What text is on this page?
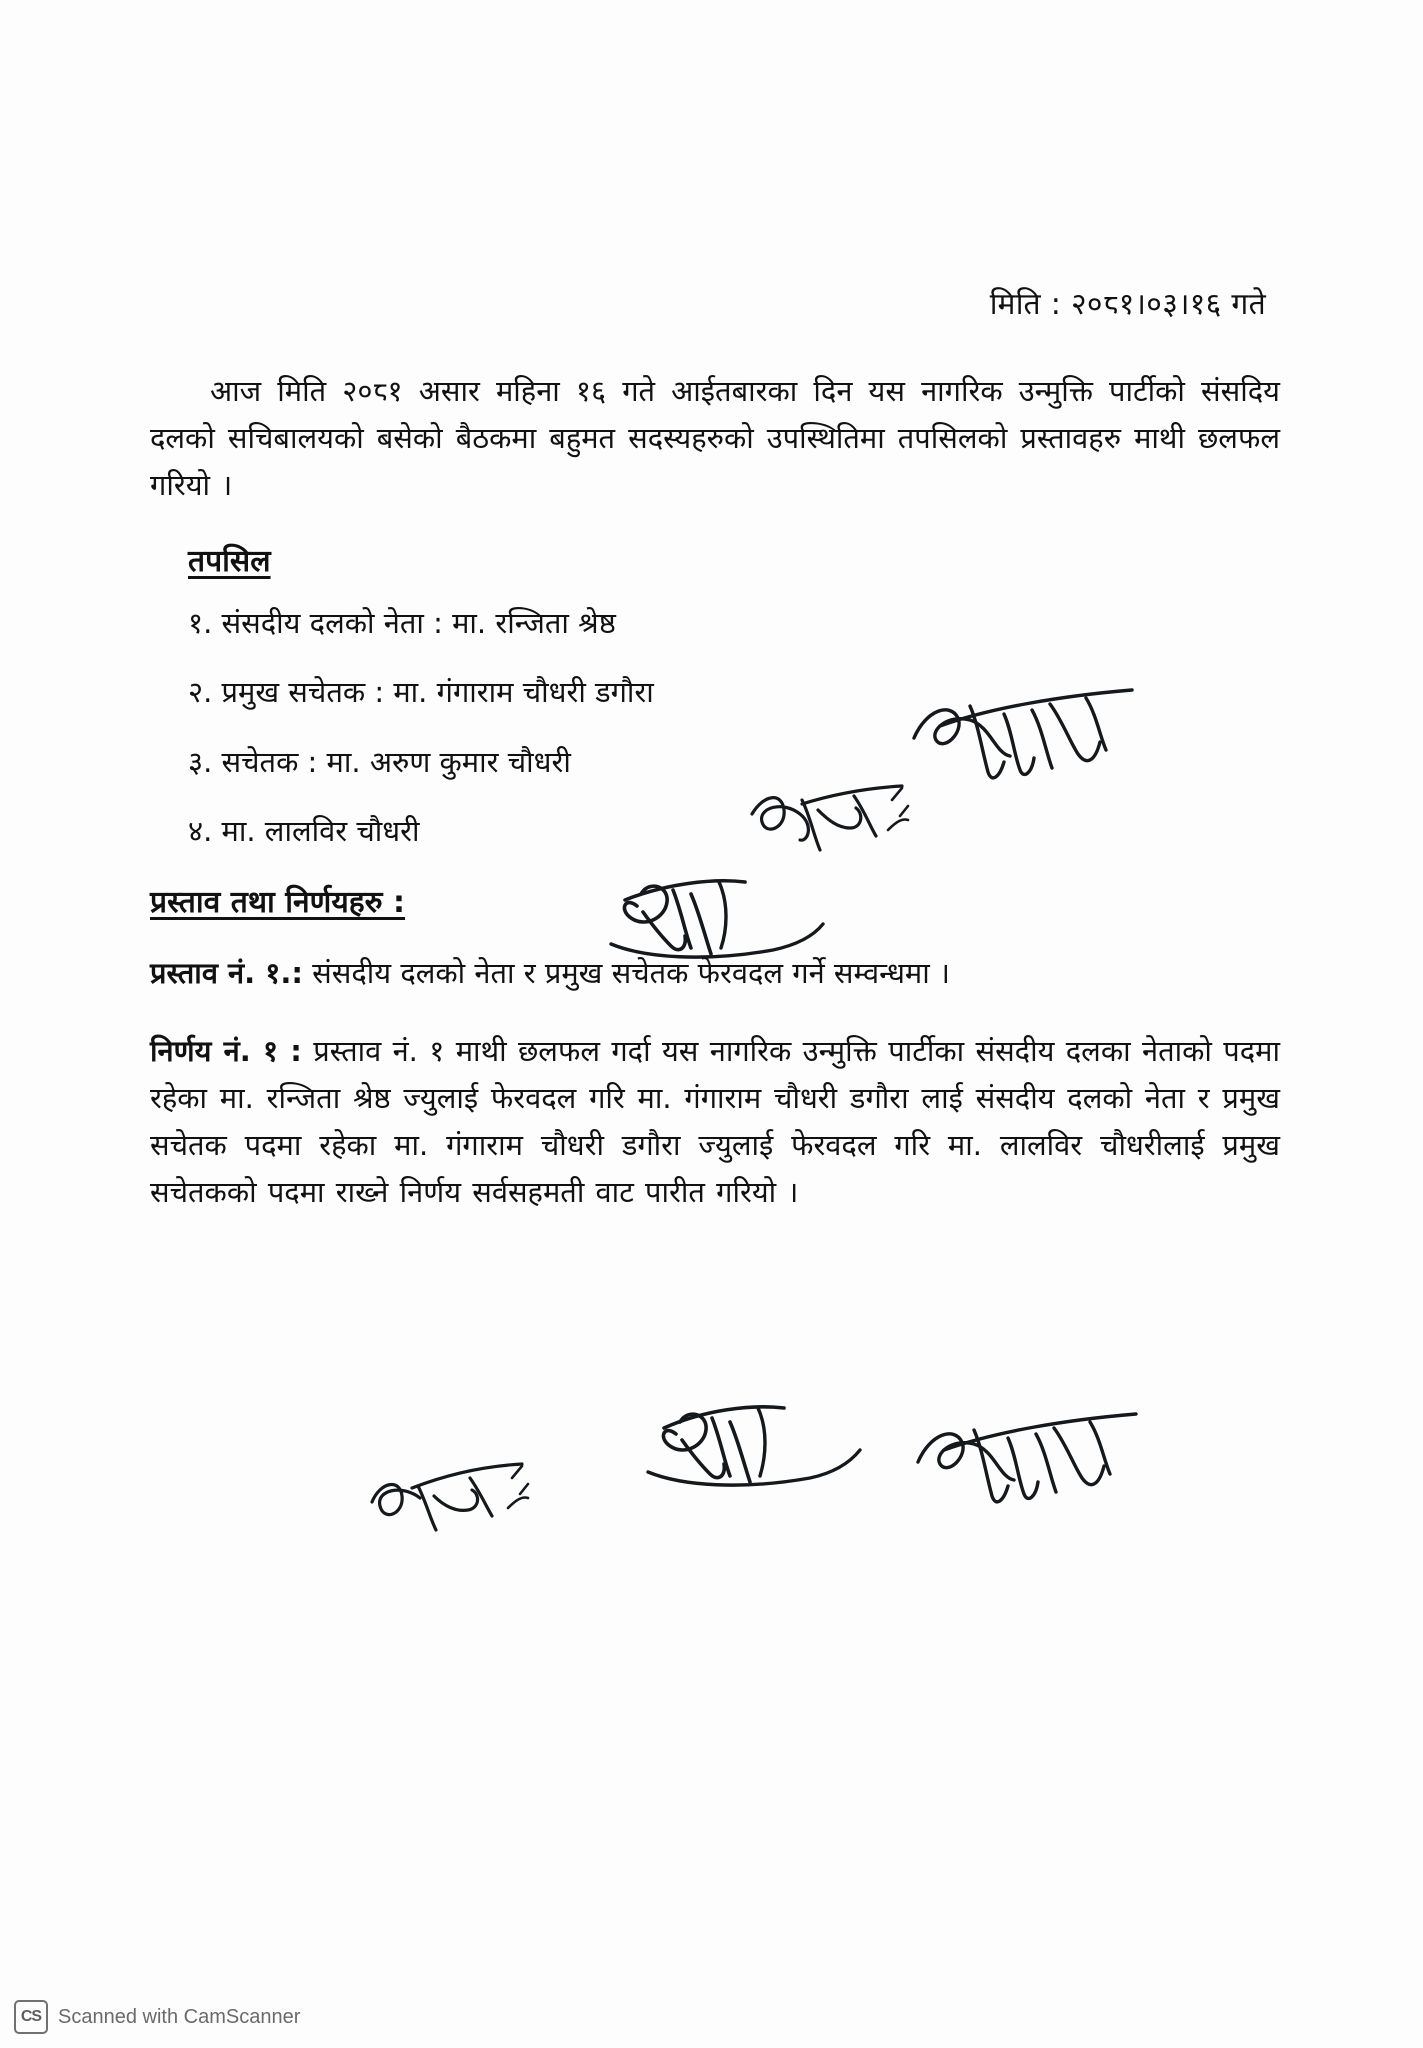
मिति : २०८१।०३।१६ गते

आज मिति २०८१ असार महिना १६ गते आईतबारका दिन यस नागरिक उन्मुक्ति पार्टीको संसदिय दलको सचिबालयको बसेको बैठकमा बहुमत सदस्यहरुको उपस्थितिमा तपसिलको प्रस्तावहरु माथी छलफल गरियो ।

तपसिल
१. संसदीय दलको नेता : मा. रन्जिता श्रेष्ठ
२. प्रमुख सचेतक : मा. गंगाराम चौधरी डगौरा
३. सचेतक : मा. अरुण कुमार चौधरी
४. मा. लालविर चौधरी
प्रस्ताव तथा निर्णयहरु :

प्रस्ताव नं. १.: संसदीय दलको नेता र प्रमुख सचेतक फेरवदल गर्ने सम्वन्धमा ।

निर्णय नं. १ : प्रस्ताव नं. १ माथी छलफल गर्दा यस नागरिक उन्मुक्ति पार्टीका संसदीय दलका नेताको पदमा रहेका मा. रन्जिता श्रेष्ठ ज्युलाई फेरवदल गरि मा. गंगाराम चौधरी डगौरा लाई संसदीय दलको नेता र प्रमुख सचेतक पदमा रहेका मा. गंगाराम चौधरी डगौरा ज्युलाई फेरवदल गरि मा. लालविर चौधरीलाई प्रमुख सचेतकको पदमा राख्ने निर्णय सर्वसहमती वाट पारीत गरियो ।

CS Scanned with CamScanner
